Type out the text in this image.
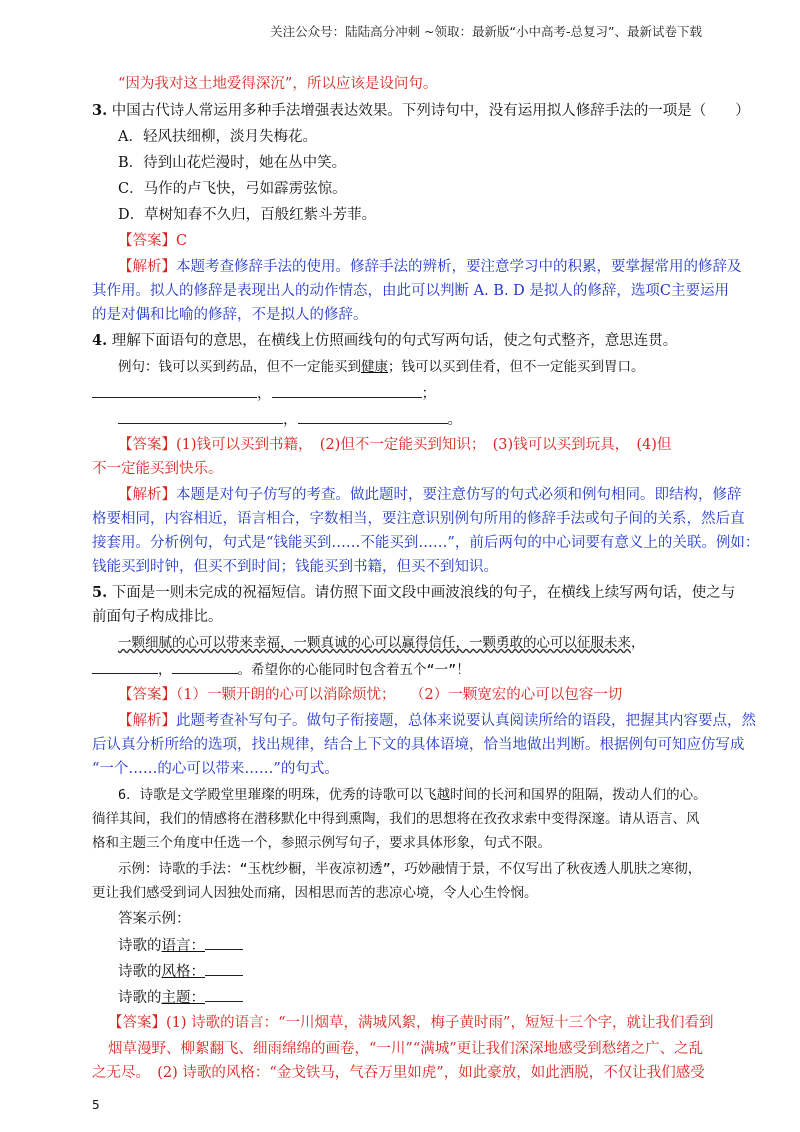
关注公众号：陆陆高分冲刺 ~领取：最新版“小中高考-总复习”、最新试卷下载
“因为我对这土地爱得深沉”，所以应该是设问句。
3. 中国古代诗人常运用多种手法增强表达效果。下列诗句中，没有运用拟人修辞手法的一项是（　　）
A．轻风扶细柳，淡月失梅花。
B．待到山花烂漫时，她在丛中笑。
C．马作的卢飞快，弓如霹雳弦惊。
D．草树知春不久归，百般红紫斗芳菲。
【答案】C
【解析】本题考查修辞手法的使用。修辞手法的辨析，要注意学习中的积累，要掌握常用的修辞及
其作用。拟人的修辞是表现出人的动作情态，由此可以判断 A. B. D 是拟人的修辞，选项C主要运用
的是对偶和比喻的修辞，不是拟人的修辞。
4. 理解下面语句的意思，在横线上仿照画线句的句式写两句话，使之句式整齐，意思连贯。
例句：钱可以买到药品，但不一定能买到健康；钱可以买到佳肴，但不一定能买到胃口。
，	；
，	。
【答案】(1)钱可以买到书籍，　(2)但不一定能买到知识；　(3)钱可以买到玩具，　(4)但
不一定能买到快乐。
【解析】本题是对句子仿写的考查。做此题时，要注意仿写的句式必须和例句相同。即结构，修辞
格要相同，内容相近，语言相合，字数相当，要注意识别例句所用的修辞手法或句子间的关系，然后直
接套用。分析例句，句式是“钱能买到……不能买到……”，前后两句的中心词要有意义上的关联。例如：
钱能买到时钟，但买不到时间；钱能买到书籍，但买不到知识。
5. 下面是一则未完成的祝福短信。请仿照下面文段中画波浪线的句子，在横线上续写两句话，使之与
前面句子构成排比。
一颗细腻的心可以带来幸福，一颗真诚的心可以赢得信任，一颗勇敢的心可以征服未来，
，	。希望你的心能同时包含着五个“一”！
【答案】（1）一颗开朗的心可以消除烦忧；　　（2）一颗宽宏的心可以包容一切
【解析】此题考查补写句子。做句子衔接题，总体来说要认真阅读所给的语段，把握其内容要点，然
后认真分析所给的选项，找出规律，结合上下文的具体语境，恰当地做出判断。根据例句可知应仿写成
“一个……的心可以带来……”的句式。
6．诗歌是文学殿堂里璀璨的明珠，优秀的诗歌可以飞越时间的长河和国界的阻隔，拨动人们的心。
徜徉其间，我们的情感将在潜移默化中得到熏陶，我们的思想将在孜孜求索中变得深邃。请从语言、风
格和主题三个角度中任选一个，参照示例写句子，要求具体形象，句式不限。
示例：诗歌的手法：“玉枕纱橱，半夜凉初透”，巧妙融情于景，不仅写出了秋夜透人肌肤之寒彻，
更让我们感受到词人因独处而痛，因相思而苦的悲凉心境，令人心生怜悯。
答案示例：
诗歌的语言：
诗歌的风格：
诗歌的主题：
【答案】(1) 诗歌的语言：“一川烟草，满城风絮，梅子黄时雨”，短短十三个字，就让我们看到
烟草漫野、柳絮翻飞、细雨绵绵的画卷，“一川”“满城”更让我们深深地感受到愁绪之广、之乱
之无尽。　(2) 诗歌的风格：“金戈铁马，气吞万里如虎”，如此豪放，如此洒脱，不仅让我们感受
5
